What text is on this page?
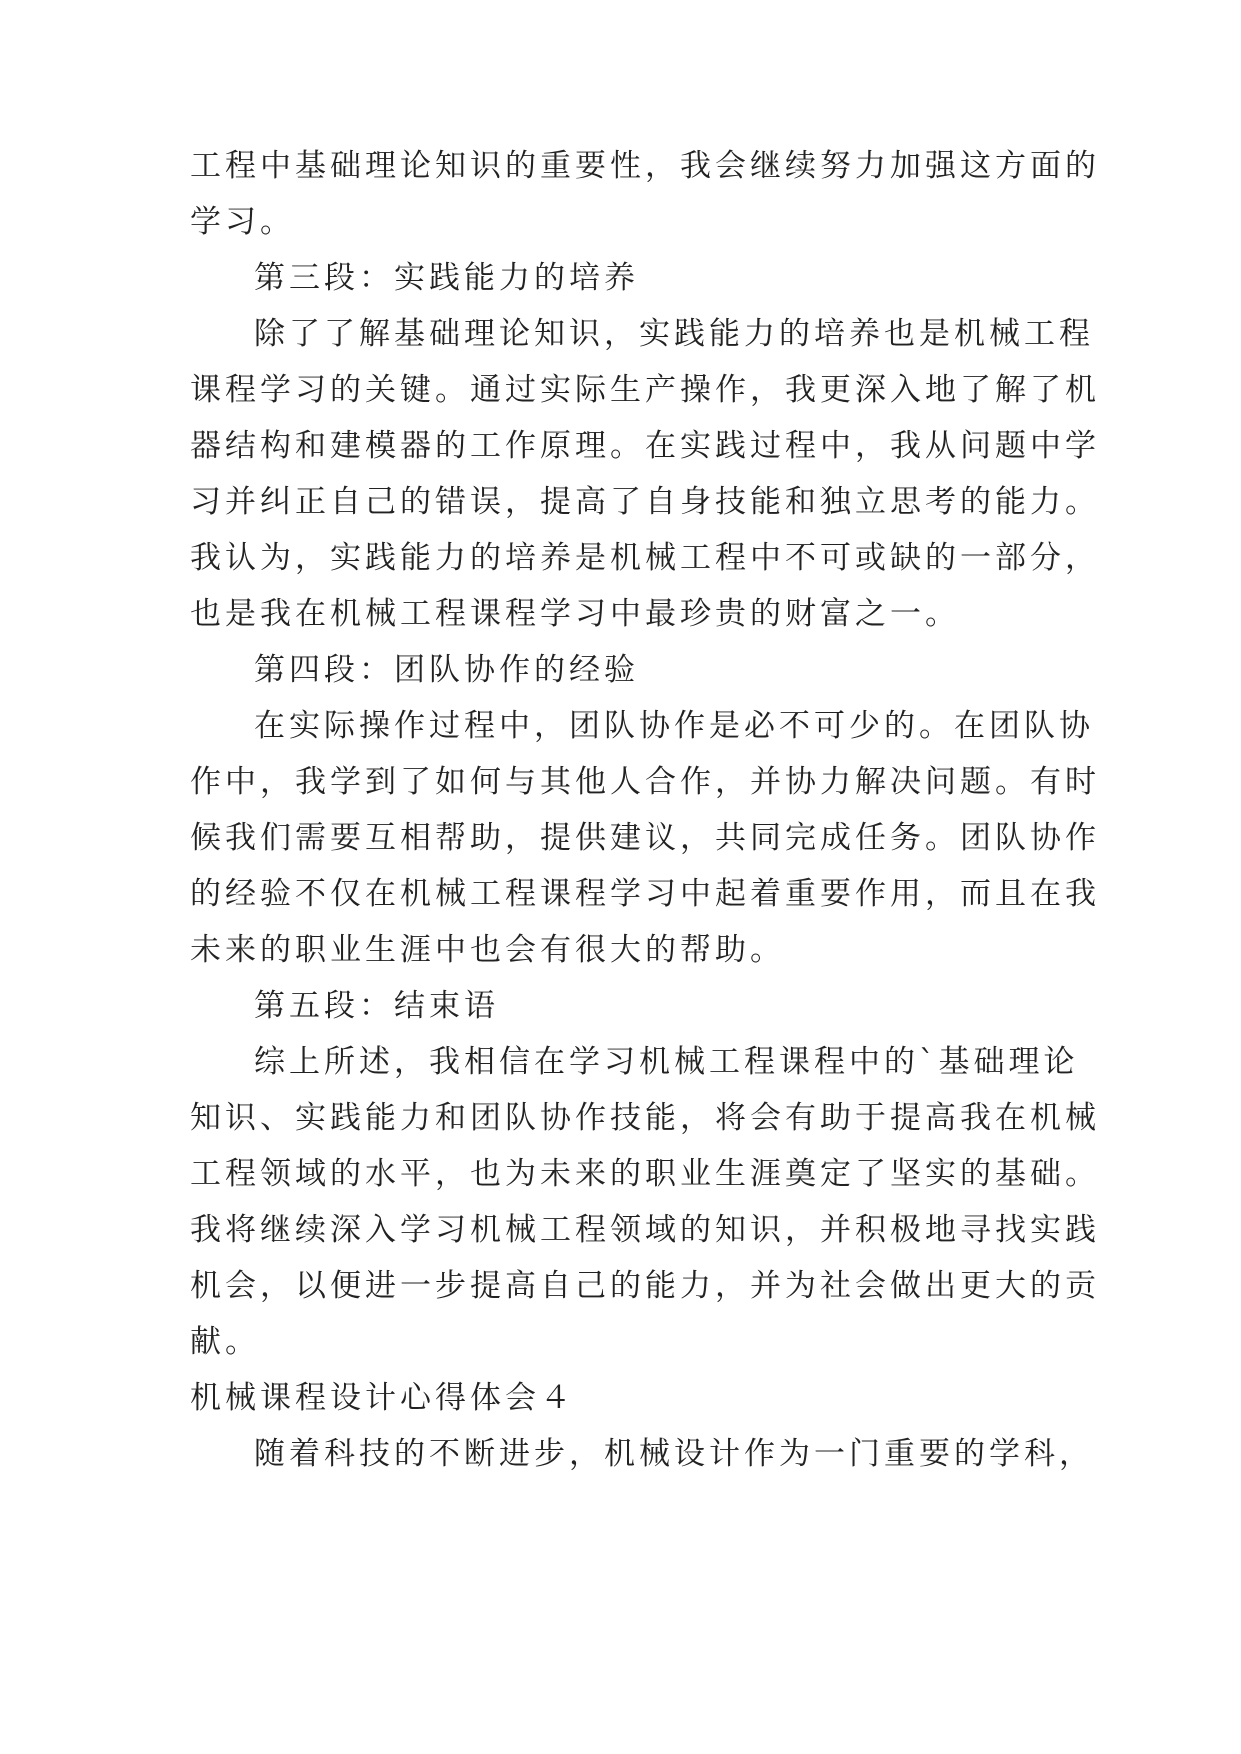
工程中基础理论知识的重要性，我会继续努力加强这方面的
学习。
第三段：实践能力的培养
除了了解基础理论知识，实践能力的培养也是机械工程
课程学习的关键。通过实际生产操作，我更深入地了解了机
器结构和建模器的工作原理。在实践过程中，我从问题中学
习并纠正自己的错误，提高了自身技能和独立思考的能力。
我认为，实践能力的培养是机械工程中不可或缺的一部分，
也是我在机械工程课程学习中最珍贵的财富之一。
第四段：团队协作的经验
在实际操作过程中，团队协作是必不可少的。在团队协
作中，我学到了如何与其他人合作，并协力解决问题。有时
候我们需要互相帮助，提供建议，共同完成任务。团队协作
的经验不仅在机械工程课程学习中起着重要作用，而且在我
未来的职业生涯中也会有很大的帮助。
第五段：结束语
综上所述，我相信在学习机械工程课程中的`基础理论
知识、实践能力和团队协作技能，将会有助于提高我在机械
工程领域的水平，也为未来的职业生涯奠定了坚实的基础。
我将继续深入学习机械工程领域的知识，并积极地寻找实践
机会，以便进一步提高自己的能力，并为社会做出更大的贡
献。
机械课程设计心得体会４
随着科技的不断进步，机械设计作为一门重要的学科，
